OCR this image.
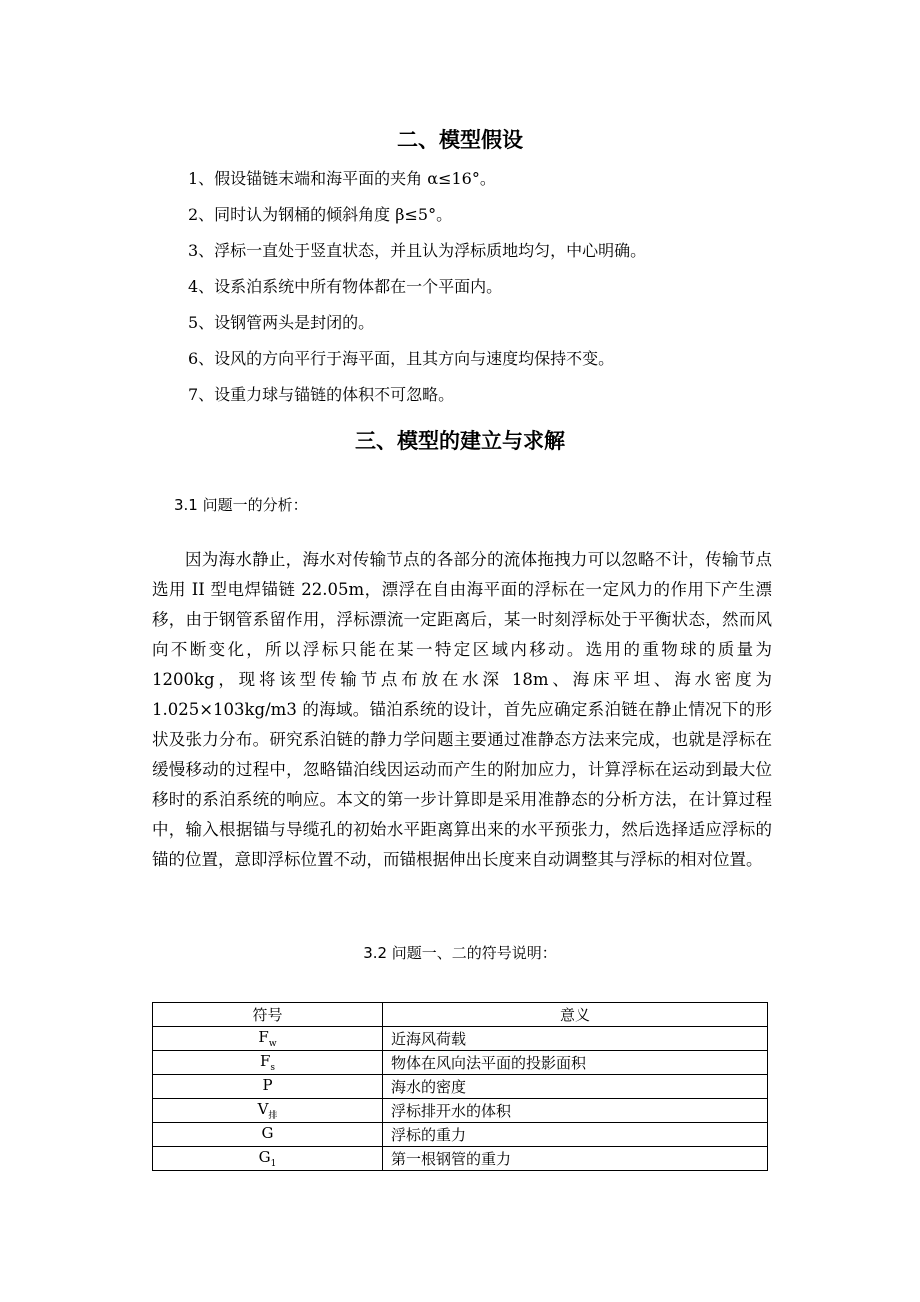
二、模型假设
1、假设锚链末端和海平面的夹角 α≤16°。
2、同时认为钢桶的倾斜角度 β≤5°。
3、浮标一直处于竖直状态，并且认为浮标质地均匀，中心明确。
4、设系泊系统中所有物体都在一个平面内。
5、设钢管两头是封闭的。
6、设风的方向平行于海平面，且其方向与速度均保持不变。
7、设重力球与锚链的体积不可忽略。
三、模型的建立与求解
3.1 问题一的分析：

因为海水静止，海水对传输节点的各部分的流体拖拽力可以忽略不计，传输节点选用 II 型电焊锚链 22.05m，漂浮在自由海平面的浮标在一定风力的作用下产生漂移，由于钢管系留作用，浮标漂流一定距离后，某一时刻浮标处于平衡状态，然而风向不断变化，所以浮标只能在某一特定区域内移动。选用的重物球的质量为 1200kg，现将该型传输节点布放在水深 18m、海床平坦、海水密度为 1.025×103kg/m3 的海域。锚泊系统的设计，首先应确定系泊链在静止情况下的形状及张力分布。研究系泊链的静力学问题主要通过准静态方法来完成，也就是浮标在缓慢移动的过程中，忽略锚泊线因运动而产生的附加应力，计算浮标在运动到最大位移时的系泊系统的响应。本文的第一步计算即是采用准静态的分析方法，在计算过程中，输入根据锚与导缆孔的初始水平距离算出来的水平预张力，然后选择适应浮标的锚的位置，意即浮标位置不动，而锚根据伸出长度来自动调整其与浮标的相对位置。

3.2 问题一、二的符号说明：
符号	意义
$F_w$	近海风荷载
$F_s$	物体在风向法平面的投影面积
P	海水的密度
$V_排$	浮标排开水的体积
G	浮标的重力
$G_1$	第一根钢管的重力
